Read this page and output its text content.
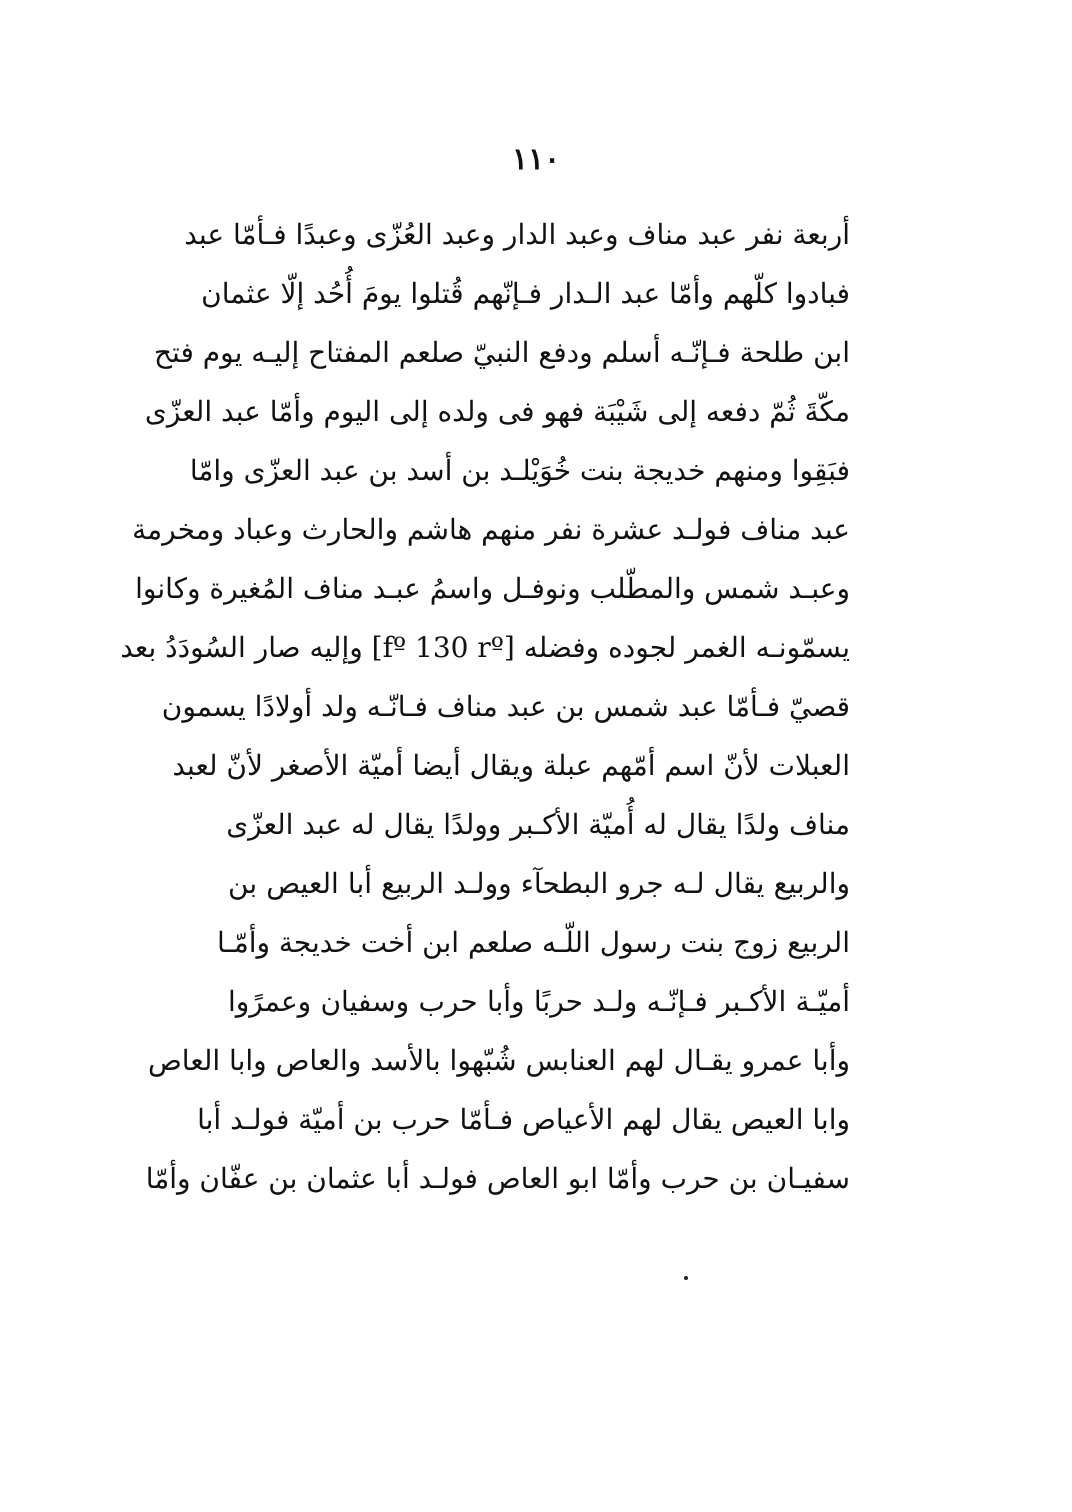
١١٠
أربعة نفر عبد مناف وعبد الدار وعبد العُزّى وعبدًا فـأمّا عبد
فبادوا كلّهم وأمّا عبد الـدار فـإنّهم قُتلوا يومَ أُحُد إلّا عثمان
ابن طلحة فـإنّـه أسلم ودفع النبيّ صلعم المفتاح إليـه يوم فتح
مكّةَ ثُمّ دفعه إلى شَيْبَة فهو فى ولده إلى اليوم وأمّا عبد العزّى
فبَقِوا ومنهم خديجة بنت خُوَيْلـد بن أسد بن عبد العزّى وامّا
عبد مناف فولـد عشرة نفر منهم هاشم والحارث وعباد ومخرمة
وعبـد شمس والمطّلب ونوفـل واسمُ عبـد مناف المُغيرة وكانوا
يسمّونـه الغمر لجوده وفضله [fº 130 rº] وإليه صار السُودَدُ بعد
قصيّ فـأمّا عبد شمس بن عبد مناف فـانّـه ولد أولادًا يسمون
العبلات لأنّ اسم أمّهم عبلة ويقال أيضا أميّة الأصغر لأنّ لعبد
مناف ولدًا يقال له أُميّة الأكـبر وولدًا يقال له عبد العزّى
والربيع يقال لـه جرو البطحآء وولـد الربيع أبا العيص بن
الربيع زوج بنت رسول اللّـه صلعم ابن أخت خديجة وأمّـا
أميّـة الأكـبر فـإنّـه ولـد حربًا وأبا حرب وسفيان وعمرًوا
وأبا عمرو يقـال لهم العنابس شُبّهوا بالأسد والعاص وابا العاص
وابا العيص يقال لهم الأعياص فـأمّا حرب بن أميّة فولـد أبا
سفيـان بن حرب وأمّا ابو العاص فولـد أبا عثمان بن عفّان وأمّا
